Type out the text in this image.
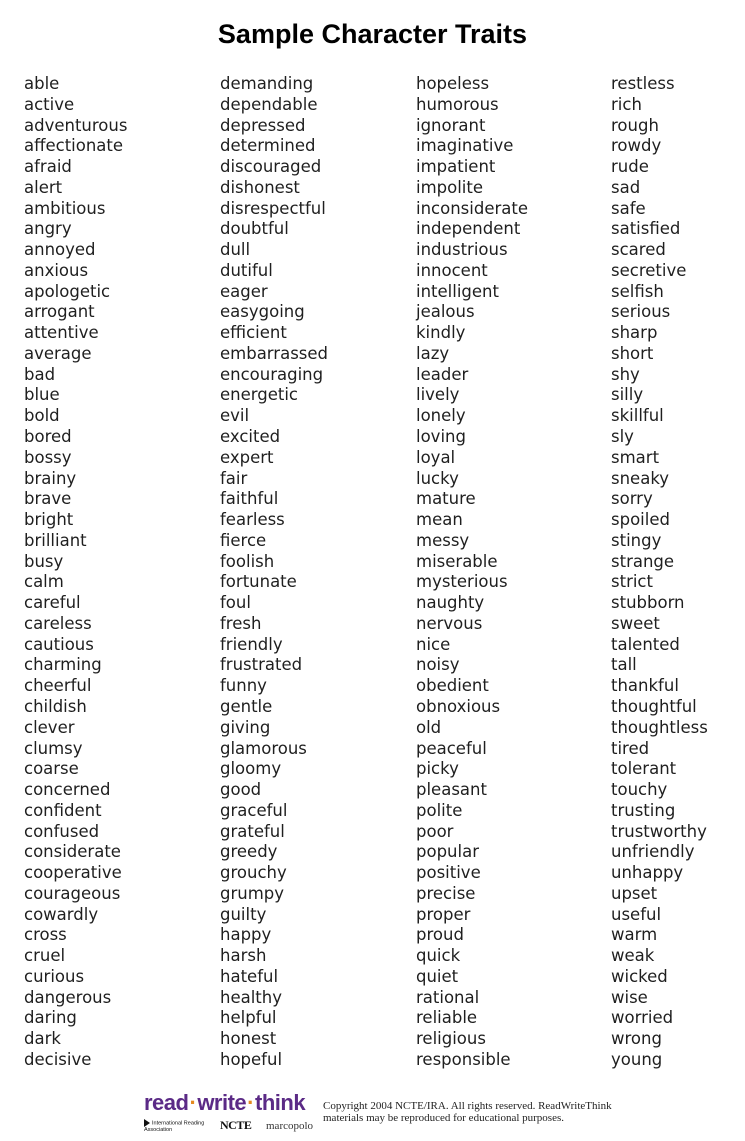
Sample Character Traits
able
active
adventurous
affectionate
afraid
alert
ambitious
angry
annoyed
anxious
apologetic
arrogant
attentive
average
bad
blue
bold
bored
bossy
brainy
brave
bright
brilliant
busy
calm
careful
careless
cautious
charming
cheerful
childish
clever
clumsy
coarse
concerned
confident
confused
considerate
cooperative
courageous
cowardly
cross
cruel
curious
dangerous
daring
dark
decisive
demanding
dependable
depressed
determined
discouraged
dishonest
disrespectful
doubtful
dull
dutiful
eager
easygoing
efficient
embarrassed
encouraging
energetic
evil
excited
expert
fair
faithful
fearless
fierce
foolish
fortunate
foul
fresh
friendly
frustrated
funny
gentle
giving
glamorous
gloomy
good
graceful
grateful
greedy
grouchy
grumpy
guilty
happy
harsh
hateful
healthy
helpful
honest
hopeful
hopeless
humorous
ignorant
imaginative
impatient
impolite
inconsiderate
independent
industrious
innocent
intelligent
jealous
kindly
lazy
leader
lively
lonely
loving
loyal
lucky
mature
mean
messy
miserable
mysterious
naughty
nervous
nice
noisy
obedient
obnoxious
old
peaceful
picky
pleasant
polite
poor
popular
positive
precise
proper
proud
quick
quiet
rational
reliable
religious
responsible
restless
rich
rough
rowdy
rude
sad
safe
satisfied
scared
secretive
selfish
serious
sharp
short
shy
silly
skillful
sly
smart
sneaky
sorry
spoiled
stingy
strange
strict
stubborn
sweet
talented
tall
thankful
thoughtful
thoughtless
tired
tolerant
touchy
trusting
trustworthy
unfriendly
unhappy
upset
useful
warm
weak
wicked
wise
worried
wrong
young
read·write·think
International Reading Association	NCTE marcopolo
Copyright 2004 NCTE/IRA. All rights reserved. ReadWriteThink
materials may be reproduced for educational purposes.
